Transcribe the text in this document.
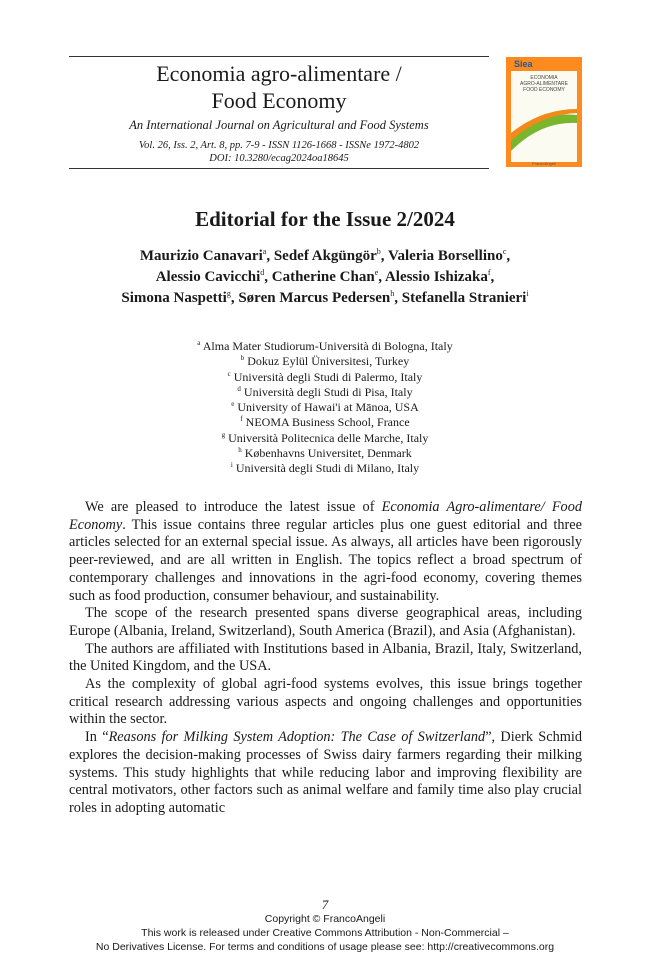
Economia agro-alimentare /
Food Economy
An International Journal on Agricultural and Food Systems
Vol. 26, Iss. 2, Art. 8, pp. 7-9 - ISSN 1126-1668 - ISSNe 1972-4802
DOI: 10.3280/ecag2024oa18645
Siea
ECONOMIA
AGRO-ALIMENTARE
FOOD ECONOMY
FrancoAngeli
Editorial for the Issue 2/2024
Maurizio Canavari$^a$, Sedef Akgüngör$^b$, Valeria Borsellino$^c$,
Alessio Cavicchi$^d$, Catherine Chan$^e$, Alessio Ishizaka$^f$,
Simona Naspetti$^g$, Søren Marcus Pedersen$^h$, Stefanella Stranieri$^i$
$^a$ Alma Mater Studiorum-Università di Bologna, Italy
$^b$ Dokuz Eylül Üniversitesi, Turkey
$^c$ Università degli Studi di Palermo, Italy
$^d$ Università degli Studi di Pisa, Italy
$^e$ University of Hawai'i at Mānoa, USA
$^f$ NEOMA Business School, France
$^g$ Università Politecnica delle Marche, Italy
$^h$ Københavns Universitet, Denmark
$^i$ Università degli Studi di Milano, Italy

We are pleased to introduce the latest issue of Economia Agro-alimentare/ Food Economy. This issue contains three regular articles plus one guest editorial and three articles selected for an external special issue. As always, all articles have been rigorously peer-reviewed, and are all written in English. The topics reflect a broad spectrum of contemporary challenges and innovations in the agri-food economy, covering themes such as food production, consumer behaviour, and sustainability.

The scope of the research presented spans diverse geographical areas, including Europe (Albania, Ireland, Switzerland), South America (Brazil), and Asia (Afghanistan).

The authors are affiliated with Institutions based in Albania, Brazil, Italy, Switzerland, the United Kingdom, and the USA.

As the complexity of global agri-food systems evolves, this issue brings together critical research addressing various aspects and ongoing challenges and opportunities within the sector.

In “Reasons for Milking System Adoption: The Case of Switzerland”, Dierk Schmid explores the decision-making processes of Swiss dairy farmers regarding their milking systems. This study highlights that while reducing labor and improving flexibility are central motivators, other factors such as animal welfare and family time also play crucial roles in adopting automatic

7
Copyright © FrancoAngeli
This work is released under Creative Commons Attribution - Non-Commercial –
No Derivatives License. For terms and conditions of usage please see: http://creativecommons.org
